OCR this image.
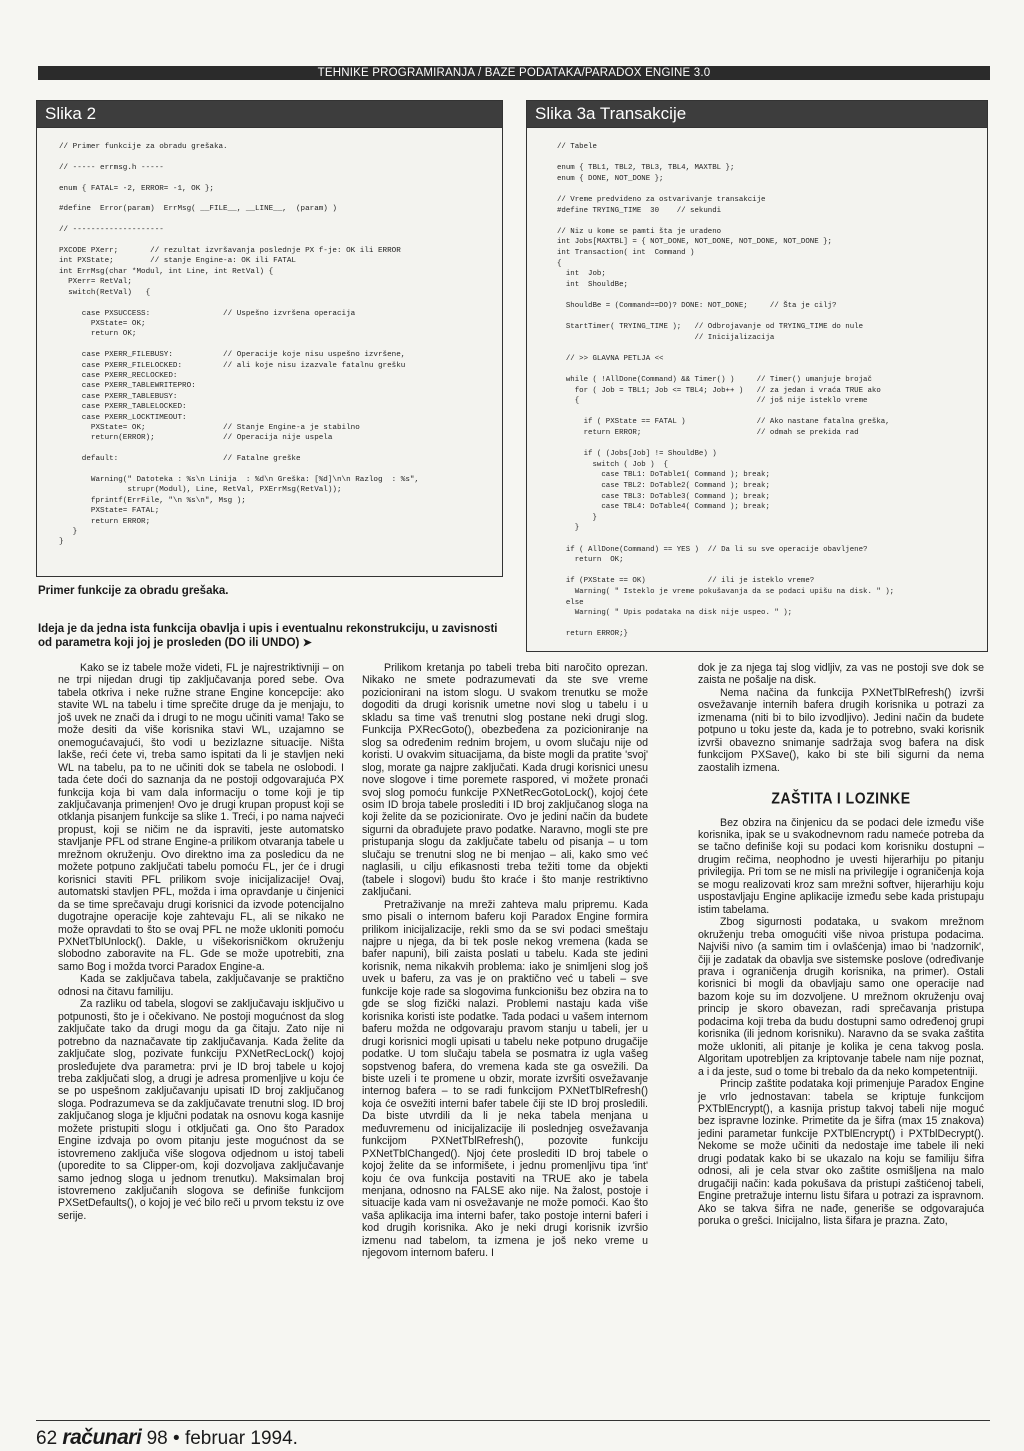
TEHNIKE PROGRAMIRANJA / BAZE PODATAKA/PARADOX ENGINE 3.0
Slika 2
// Primer funkcije za obradu grešaka.

// ----- errmsg.h -----

enum { FATAL= -2, ERROR= -1, OK };

#define  Error(param)  ErrMsg( __FILE__, __LINE__,  (param) )

// --------------------

PXCODE PXerr;       // rezultat izvršavanja poslednje PX f-je: OK ili ERROR
int PXState;        // stanje Engine-a: OK ili FATAL
int ErrMsg(char *Modul, int Line, int RetVal) {
PXerr= RetVal;
switch(RetVal)   {

case PXSUCCESS:                // Uspešno izvršena operacija
PXState= OK;
return OK;

case PXERR_FILEBUSY:           // Operacije koje nisu uspešno izvršene,
case PXERR_FILELOCKED:         // ali koje nisu izazvale fatalnu grešku
case PXERR_RECLOCKED:
case PXERR_TABLEWRITEPRO:
case PXERR_TABLEBUSY:
case PXERR_TABLELOCKED:
case PXERR_LOCKTIMEOUT:
PXState= OK;                 // Stanje Engine-a je stabilno
return(ERROR);               // Operacija nije uspela

default:                       // Fatalne greške

Warning(" Datoteka : %s\n Linija  : %d\n Greška: [%d]\n\n Razlog  : %s",
strupr(Modul), Line, RetVal, PXErrMsg(RetVal));
fprintf(ErrFile, "\n %s\n", Msg );
PXState= FATAL;
return ERROR;
}
}
Primer funkcije za obradu grešaka.
Ideja je da jedna ista funkcija obavlja i upis i eventualnu rekonstrukciju, u zavisnosti od parametra koji joj je prosleden (DO ili UNDO) ➤
Slika 3a Transakcije
// Tabele

enum { TBL1, TBL2, TBL3, TBL4, MAXTBL };
enum { DONE, NOT_DONE };

// Vreme predvideno za ostvarivanje transakcije
#define TRYING_TIME  30    // sekundi

// Niz u kome se pamti šta je uradeno
int Jobs[MAXTBL] = { NOT_DONE, NOT_DONE, NOT_DONE, NOT_DONE };
int Transaction( int  Command )
{
int  Job;
int  ShouldBe;

ShouldBe = (Command==DO)? DONE: NOT_DONE;     // Šta je cilj?

StartTimer( TRYING_TIME );   // Odbrojavanje od TRYING_TIME do nule
// Inicijalizacija

// >> GLAVNA PETLJA <<

while ( !AllDone(Command) && Timer() )     // Timer() umanjuje brojač
for ( Job = TBL1; Job <= TBL4; Job++ )   // za jedan i vraća TRUE ako
{                                        // još nije isteklo vreme

if ( PXState == FATAL )                // Ako nastane fatalna greška,
return ERROR;                          // odmah se prekida rad

if ( (Jobs[Job] != ShouldBe) )
switch ( Job )  {
case TBL1: DoTable1( Command ); break;
case TBL2: DoTable2( Command ); break;
case TBL3: DoTable3( Command ); break;
case TBL4: DoTable4( Command ); break;
}
}

if ( AllDone(Command) == YES )  // Da li su sve operacije obavljene?
return  OK;

if (PXState == OK)              // ili je isteklo vreme?
Warning( " Isteklo je vreme pokušavanja da se podaci upišu na disk. " );
else
Warning( " Upis podataka na disk nije uspeo. " );

return ERROR;}

Kako se iz tabele može videti, FL je najrestriktivniji – on ne trpi nijedan drugi tip zaključavanja pored sebe. Ova tabela otkriva i neke ružne strane Engine koncepcije: ako stavite WL na tabelu i time sprečite druge da je menjaju, to još uvek ne znači da i drugi to ne mogu učiniti vama! Tako se može desiti da više korisnika stavi WL, uzajamno se onemogućavajući, što vodi u bezizlazne situacije. Ništa lakše, reći ćete vi, treba samo ispitati da li je stavljen neki WL na tabelu, pa to ne učiniti dok se tabela ne oslobodi. I tada ćete doći do saznanja da ne postoji odgovarajuća PX funkcija koja bi vam dala informaciju o tome koji je tip zaključavanja primenjen! Ovo je drugi krupan propust koji se otklanja pisanjem funkcije sa slike 1. Treći, i po nama najveći propust, koji se ničim ne da ispraviti, jeste automatsko stavljanje PFL od strane Engine-a prilikom otvaranja tabele u mrežnom okruženju. Ovo direktno ima za posledicu da ne možete potpuno zaključati tabelu pomoću FL, jer će i drugi korisnici staviti PFL prilikom svoje inicijalizacije! Ovaj, automatski stavljen PFL, možda i ima opravdanje u činjenici da se time sprečavaju drugi korisnici da izvode potencijalno dugotrajne operacije koje zahtevaju FL, ali se nikako ne može opravdati to što se ovaj PFL ne može ukloniti pomoću PXNetTblUnlock(). Dakle, u višekorisničkom okruženju slobodno zaboravite na FL. Gde se može upotrebiti, zna samo Bog i možda tvorci Paradox Engine-a.

Kada se zaključava tabela, zaključavanje se praktično odnosi na čitavu familiju.

Za razliku od tabela, slogovi se zaključavaju isključivo u potpunosti, što je i očekivano. Ne postoji mogućnost da slog zaključate tako da drugi mogu da ga čitaju. Zato nije ni potrebno da naznačavate tip zaključavanja. Kada želite da zaključate slog, pozivate funkciju PXNetRecLock() kojoj prosleđujete dva parametra: prvi je ID broj tabele u kojoj treba zaključati slog, a drugi je adresa promenljive u koju će se po uspešnom zaključavanju upisati ID broj zaključanog sloga. Podrazumeva se da zaključavate trenutni slog. ID broj zaključanog sloga je ključni podatak na osnovu koga kasnije možete pristupiti slogu i otključati ga. Ono što Paradox Engine izdvaja po ovom pitanju jeste mogućnost da se istovremeno zaključa više slogova odjednom u istoj tabeli (uporedite to sa Clipper-om, koji dozvoljava zaključavanje samo jednog sloga u jednom trenutku). Maksimalan broj istovremeno zaključanih slogova se definiše funkcijom PXSetDefaults(), o kojoj je već bilo reči u prvom tekstu iz ove serije.

Prilikom kretanja po tabeli treba biti naročito oprezan. Nikako ne smete podrazumevati da ste sve vreme pozicionirani na istom slogu. U svakom trenutku se može dogoditi da drugi korisnik umetne novi slog u tabelu i u skladu sa time vaš trenutni slog postane neki drugi slog. Funkcija PXRecGoto(), obezbeđena za pozicioniranje na slog sa određenim rednim brojem, u ovom slučaju nije od koristi. U ovakvim situacijama, da biste mogli da pratite 'svoj' slog, morate ga najpre zaključati. Kada drugi korisnici unesu nove slogove i time poremete raspored, vi možete pronaći svoj slog pomoću funkcije PXNetRecGotoLock(), kojoj ćete osim ID broja tabele proslediti i ID broj zaključanog sloga na koji želite da se pozicionirate. Ovo je jedini način da budete sigurni da obrađujete pravo podatke. Naravno, mogli ste pre pristupanja slogu da zaključate tabelu od pisanja – u tom slučaju se trenutni slog ne bi menjao – ali, kako smo već naglasili, u cilju efikasnosti treba težiti tome da objekti (tabele i slogovi) budu što kraće i što manje restriktivno zaključani.

Pretraživanje na mreži zahteva malu pripremu. Kada smo pisali o internom baferu koji Paradox Engine formira prilikom inicijalizacije, rekli smo da se svi podaci smeštaju najpre u njega, da bi tek posle nekog vremena (kada se bafer napuni), bili zaista poslati u tabelu. Kada ste jedini korisnik, nema nikakvih problema: iako je snimljeni slog još uvek u baferu, za vas je on praktično već u tabeli – sve funkcije koje rade sa slogovima funkcionišu bez obzira na to gde se slog fizički nalazi. Problemi nastaju kada više korisnika koristi iste podatke. Tada podaci u vašem internom baferu možda ne odgovaraju pravom stanju u tabeli, jer u drugi korisnici mogli upisati u tabelu neke potpuno drugačije podatke. U tom slučaju tabela se posmatra iz ugla vašeg sopstvenog bafera, do vremena kada ste ga osvežili. Da biste uzeli i te promene u obzir, morate izvršiti osvežavanje internog bafera – to se radi funkcijom PXNetTblRefresh() koja će osvežiti interni bafer tabele čiji ste ID broj prosledili. Da biste utvrdili da li je neka tabela menjana u međuvremenu od inicijalizacije ili poslednjeg osvežavanja funkcijom PXNetTblRefresh(), pozovite funkciju PXNetTblChanged(). Njoj ćete proslediti ID broj tabele o kojoj želite da se informišete, i jednu promenljivu tipa 'int' koju će ova funkcija postaviti na TRUE ako je tabela menjana, odnosno na FALSE ako nije. Na žalost, postoje i situacije kada vam ni osvežavanje ne može pomoći. Kao što vaša aplikacija ima interni bafer, tako postoje interni baferi i kod drugih korisnika. Ako je neki drugi korisnik izvršio izmenu nad tabelom, ta izmena je još neko vreme u njegovom internom baferu. I

dok je za njega taj slog vidljiv, za vas ne postoji sve dok se zaista ne pošalje na disk.

Nema načina da funkcija PXNetTblRefresh() izvrši osvežavanje internih bafera drugih korisnika u potrazi za izmenama (niti bi to bilo izvodljivo). Jedini način da budete potpuno u toku jeste da, kada je to potrebno, svaki korisnik izvrši obavezno snimanje sadržaja svog bafera na disk funkcijom PXSave(), kako bi ste bili sigurni da nema zaostalih izmena.

ZAŠTITA I LOZINKE

Bez obzira na činjenicu da se podaci dele između više korisnika, ipak se u svakodnevnom radu nameće potreba da se tačno definiše koji su podaci kom korisniku dostupni – drugim rečima, neophodno je uvesti hijerarhiju po pitanju privilegija. Pri tom se ne misli na privilegije i ograničenja koja se mogu realizovati kroz sam mrežni softver, hijerarhiju koju uspostavljaju Engine aplikacije između sebe kada pristupaju istim tabelama.

Zbog sigurnosti podataka, u svakom mrežnom okruženju treba omogućiti više nivoa pristupa podacima. Najviši nivo (a samim tim i ovlašćenja) imao bi 'nadzornik', čiji je zadatak da obavlja sve sistemske poslove (određivanje prava i ograničenja drugih korisnika, na primer). Ostali korisnici bi mogli da obavljaju samo one operacije nad bazom koje su im dozvoljene. U mrežnom okruženju ovaj princip je skoro obavezan, radi sprečavanja pristupa podacima koji treba da budu dostupni samo određenoj grupi korisnika (ili jednom korisniku). Naravno da se svaka zaštita može ukloniti, ali pitanje je kolika je cena takvog posla. Algoritam upotrebljen za kriptovanje tabele nam nije poznat, a i da jeste, sud o tome bi trebalo da da neko kompetentniji.

Princip zaštite podataka koji primenjuje Paradox Engine je vrlo jednostavan: tabela se kriptuje funkcijom PXTblEncrypt(), a kasnija pristup takvoj tabeli nije moguć bez ispravne lozinke. Primetite da je šifra (max 15 znakova) jedini parametar funkcije PXTblEncrypt() i PXTblDecrypt(). Nekome se može učiniti da nedostaje ime tabele ili neki drugi podatak kako bi se ukazalo na koju se familiju šifra odnosi, ali je cela stvar oko zaštite osmišljena na malo drugačiji način: kada pokušava da pristupi zaštićenoj tabeli, Engine pretražuje internu listu šifara u potrazi za ispravnom. Ako se takva šifra ne nađe, generiše se odgovarajuća poruka o grešci. Inicijalno, lista šifara je prazna. Zato,

62 računari 98 • februar 1994.
